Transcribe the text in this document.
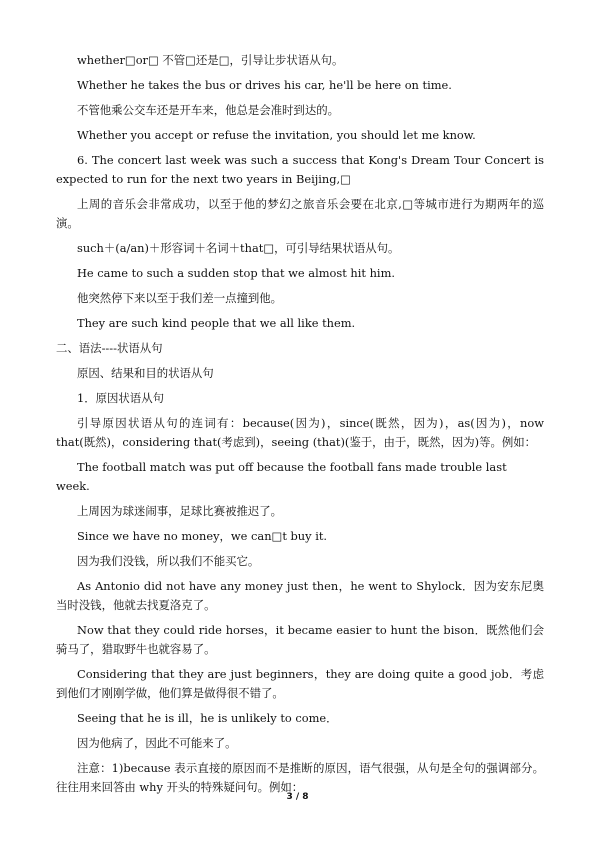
whether□or□ 不管□还是□，引导让步状语从句。

Whether he takes the bus or drives his car, he'll be here on time.

不管他乘公交车还是开车来，他总是会准时到达的。

Whether you accept or refuse the invitation, you should let me know.

6. The concert last week was such a success that Kong's Dream Tour Concert is expected to run for the next two years in Beijing,□

上周的音乐会非常成功，以至于他的梦幻之旅音乐会要在北京,□等城市进行为期两年的巡演。

such＋(a/an)＋形容词＋名词＋that□，可引导结果状语从句。

He came to such a sudden stop that we almost hit him.

他突然停下来以至于我们差一点撞到他。

They are such kind people that we all like them.

二、语法----状语从句

原因、结果和目的状语从句

1．原因状语从句

引导原因状语从句的连词有：because(因为)，since(既然，因为)，as(因为)，now that(既然)，considering that(考虑到)，seeing (that)(鉴于，由于，既然，因为)等。例如：

The football match was put off because the football fans made trouble last week.

上周因为球迷闹事，足球比赛被推迟了。

Since we have no money，we can□t buy it.

因为我们没钱，所以我们不能买它。

As Antonio did not have any money just then，he went to Shylock．因为安东尼奥当时没钱，他就去找夏洛克了。

Now that they could ride horses，it became easier to hunt the bison．既然他们会骑马了，猎取野牛也就容易了。

Considering that they are just beginners，they are doing quite a good job．考虑到他们才刚刚学做，他们算是做得很不错了。

Seeing that he is ill，he is unlikely to come．

因为他病了，因此不可能来了。

注意：1)because 表示直接的原因而不是推断的原因，语气很强，从句是全句的强调部分。往往用来回答由 why 开头的特殊疑问句。例如：

3 / 8
